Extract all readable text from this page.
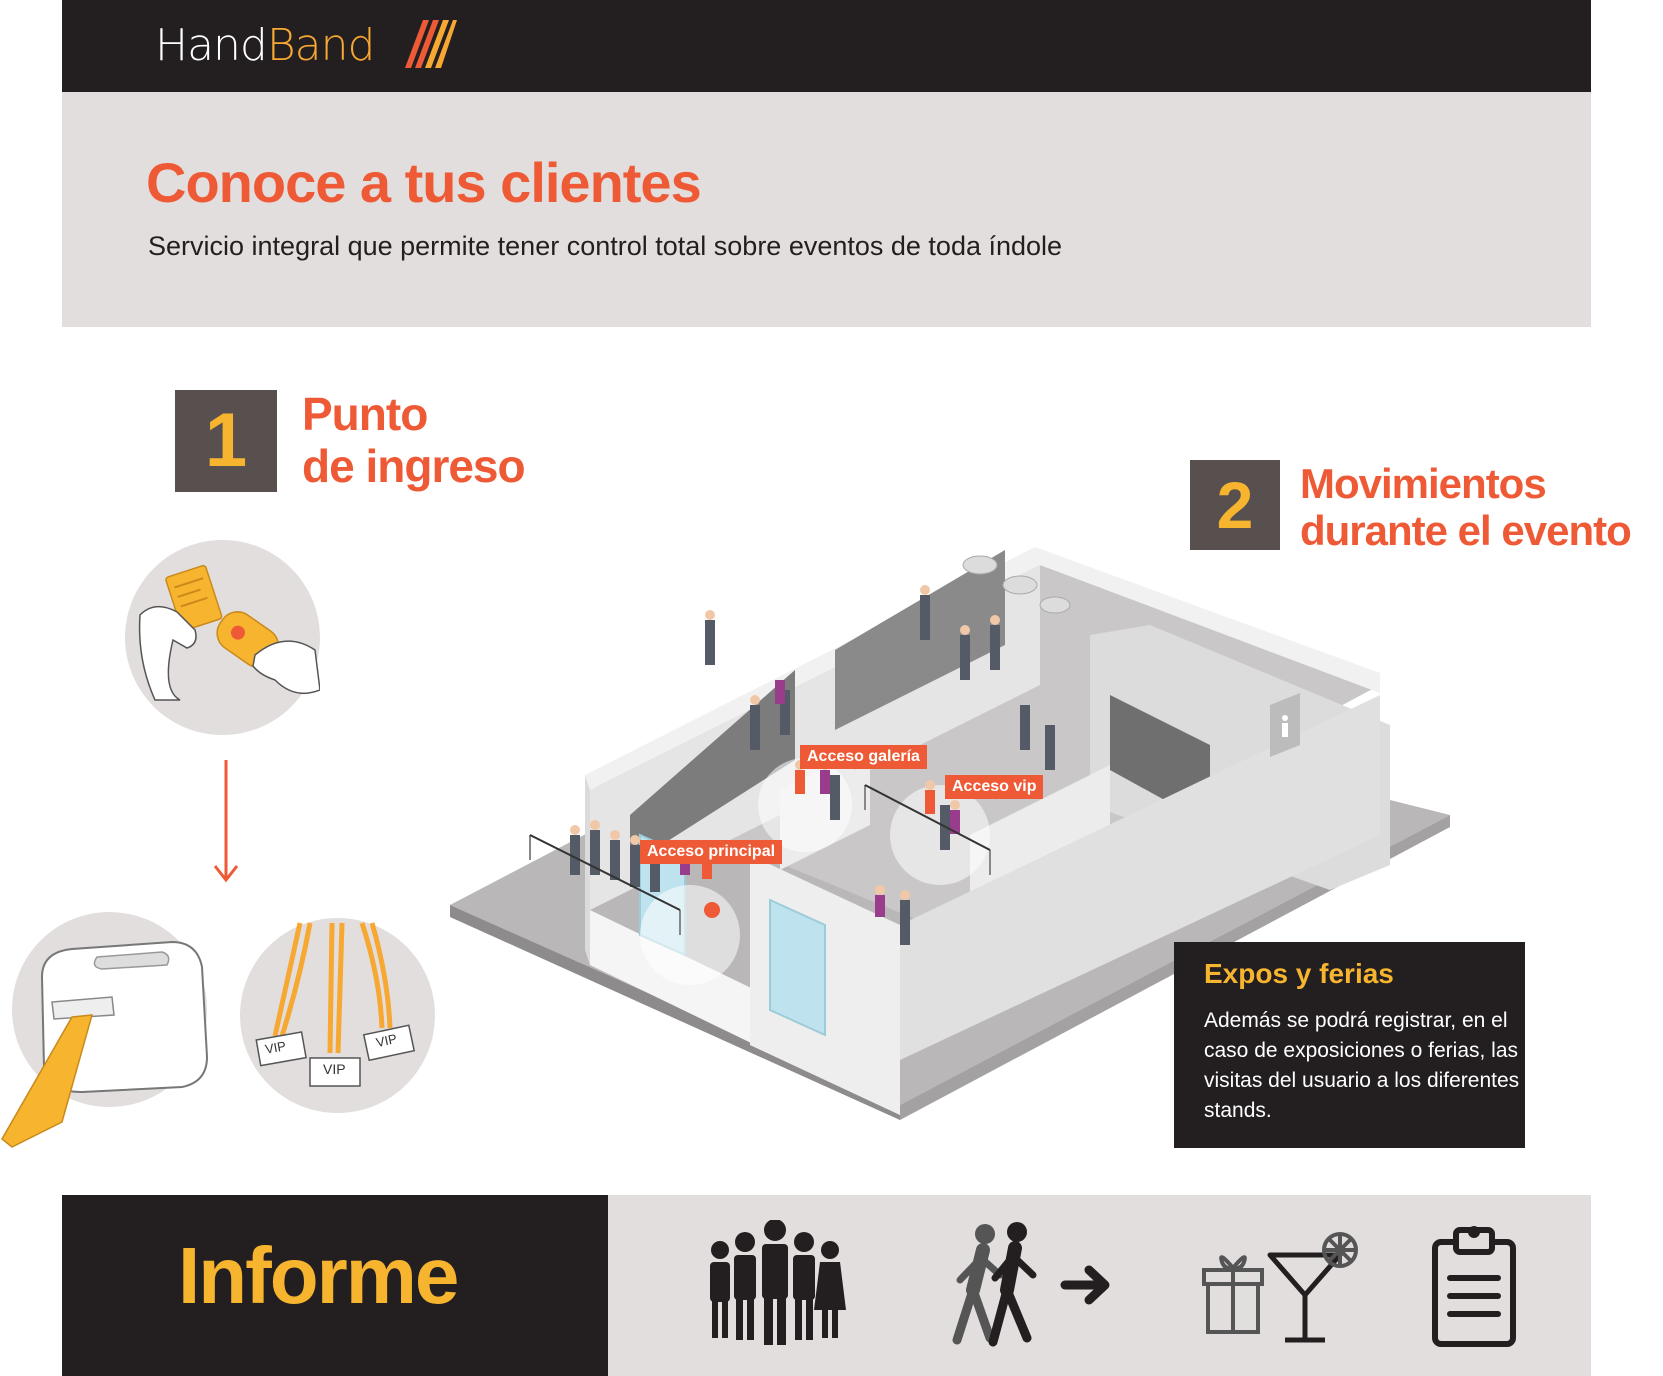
HandBand
Conoce a tus clientes
Servicio integral que permite tener control total sobre eventos de toda índole
1	Punto
de ingreso
VIP
VIP
VIP
2	Movimientos
durante el evento
Acceso principal
Acceso galería
Acceso vip
Expos y ferias
Además se podrá registrar, en el caso de exposiciones o ferias, las visitas del usuario a los diferentes stands.
Informe
